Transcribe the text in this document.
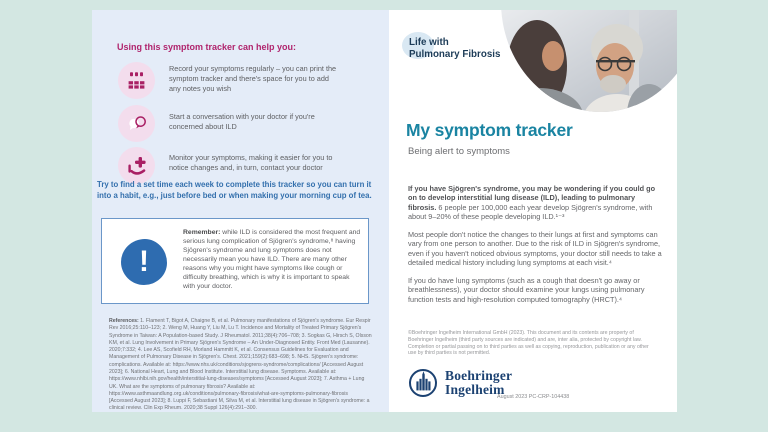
Using this symptom tracker can help you:
Record your symptoms regularly – you can print the symptom tracker and there's space for you to add any notes you wish
Start a conversation with your doctor if you're concerned about ILD
Monitor your symptoms, making it easier for you to notice changes and, in turn, contact your doctor
Try to find a set time each week to complete this tracker so you can turn it into a habit, e.g., just before bed or when making your morning cup of tea.
!
Remember: while ILD is considered the most frequent and serious lung complication of Sjögren's syndrome,⁸ having Sjögren's syndrome and lung symptoms does not necessarily mean you have ILD. There are many other reasons why you might have symptoms like cough or difficulty breathing, which is why it is important to speak with your doctor.
References: 1. Flament T, Bigot A, Chaigne B, et al. Pulmonary manifestations of Sjögren's syndrome. Eur Respir Rev 2016;25:110–123; 2. Weng M, Huang Y, Liu M, Lu T. Incidence and Mortality of Treated Primary Sjögren's Syndrome in Taiwan: A Population-based Study. J Rheumatol. 2011;38(4):706–708; 3. Sogkas G, Hirsch S, Olsson KM, et al. Lung Involvement in Primary Sjögren's Syndrome – An Under-Diagnosed Entity. Front Med (Lausanne). 2020;7:332; 4. Lee AS, Scofield RH, Morland Hammitt K, et al. Consensus Guidelines for Evaluation and Management of Pulmonary Disease in Sjögren's. Chest. 2021;159(2):683–698; 5. NHS. Sjögren's syndrome: complications. Available at: https://www.nhs.uk/conditions/sjogrens-syndrome/complications/ [Accessed August 2023]; 6. National Heart, Lung and Blood Institute. Interstitial lung disease. Symptoms. Available at: https://www.nhlbi.nih.gov/health/interstitial-lung-diseases/symptoms [Accessed August 2023]; 7. Asthma + Lung UK. What are the symptoms of pulmonary fibrosis? Available at: https://www.asthmaandlung.org.uk/conditions/pulmonary-fibrosis/what-are-symptoms-pulmonary-fibrosis [Accessed August 2023]; 8. Luppi F, Sebastiani M, Silva M, et al. Interstitial lung disease in Sjögren's syndrome: a clinical review. Clin Exp Rheum. 2020;38 Suppl 126(4):291–300.
Life with
Pulmonary Fibrosis
My symptom tracker
Being alert to symptoms

If you have Sjögren's syndrome, you may be wondering if you could go on to develop interstitial lung disease (ILD), leading to pulmonary fibrosis. 6 people per 100,000 each year develop Sjögren's syndrome, with about 9–20% of these people developing ILD.¹⁻³

Most people don't notice the changes to their lungs at first and symptoms can vary from one person to another. Due to the risk of ILD in Sjögren's syndrome, even if you haven't noticed obvious symptoms, your doctor still needs to take a detailed medical history including lung symptoms at each visit.⁴

If you do have lung symptoms (such as a cough that doesn't go away or breathlessness), your doctor should examine your lungs using pulmonary function tests and high-resolution computed tomography (HRCT).⁴

©Boehringer Ingelheim International GmbH (2023). This document and its contents are property of Boehringer Ingelheim (third party sources are indicated) and are, inter alia, protected by copyright law. Completion or partial passing on to third parties as well as copying, reproduction, publication or any other use by third parties is not permitted.
Boehringer
Ingelheim
August 2023 PC-CRP-104438
